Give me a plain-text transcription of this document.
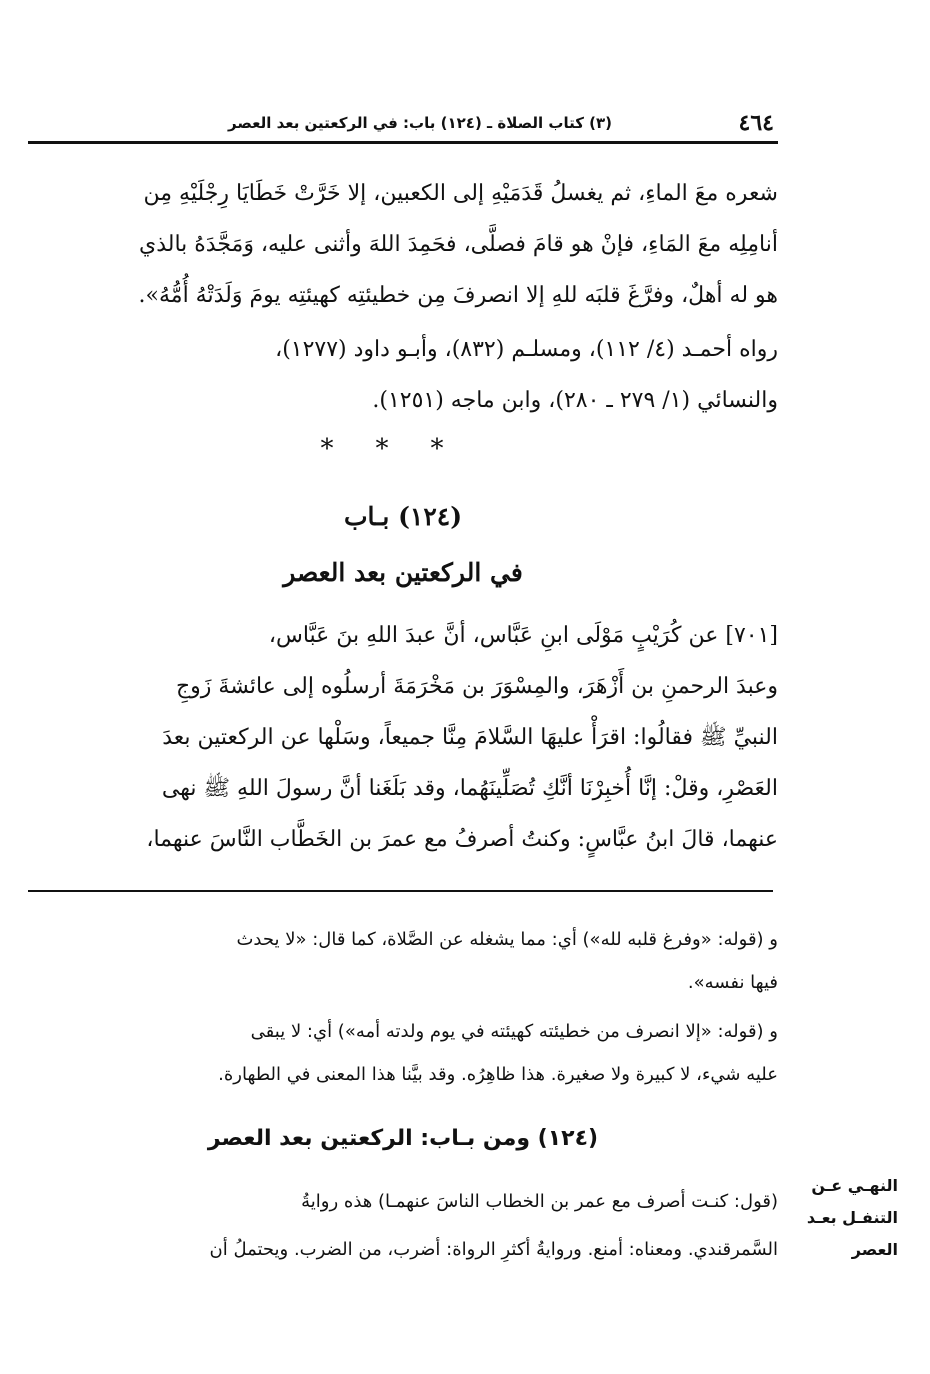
٤٦٤
(٣) كتاب الصلاة ـ (١٢٤) باب: في الركعتين بعد العصر
شعره معَ الماءِ، ثم يغسلُ قَدَمَيْهِ إلى الكعبين، إلا خَرَّتْ خَطَايَا رِجْلَيْهِ مِن
أنامِلِه معَ المَاءِ، فإنْ هو قامَ فصلَّى، فحَمِدَ اللهَ وأثنى عليه، وَمَجَّدَهُ بالذي
هو له أهلٌ، وفرَّغَ قلبَه للهِ إلا انصرفَ مِن خطيئتِه كهيئتِه يومَ وَلَدَتْهُ أُمُّهُ».
رواه أحمـد (٤/ ١١٢)، ومسلـم (٨٣٢)، وأبـو داود (١٢٧٧)،
والنسائي (١/ ٢٧٩ ـ ٢٨٠)، وابن ماجه (١٢٥١).
***
(١٢٤) بـاب
في الركعتين بعد العصر
[٧٠١] عن كُرَيْبٍ مَوْلَى ابنِ عَبَّاس، أنَّ عبدَ اللهِ بنَ عَبَّاس،
وعبدَ الرحمنِ بن أَزْهَرَ، والمِسْوَرَ بن مَخْرَمَةَ أرسلُوه إلى عائشةَ زَوجِ
النبيِّ ﷺ فقالُوا: اقرَأْ عليهَا السَّلامَ مِنَّا جميعاً، وسَلْها عن الركعتين بعدَ
العَصْرِ، وقلْ: إنَّا أُخبِرْنَا أنَّكِ تُصَلِّينَهُما، وقد بَلَغَنا أنَّ رسولَ اللهِ ﷺ نهى
عنهما، قالَ ابنُ عبَّاسٍ: وكنتُ أصرفُ مع عمرَ بن الخَطَّاب النَّاسَ عنهما،
و (قوله: «وفرغ قلبه لله») أي: مما يشغله عن الصَّلاة، كما قال: «لا يحدث
فيها نفسه».
و (قوله: «إلا انصرف من خطيئته كهيئته في يوم ولدته أمه») أي: لا يبقى
عليه شيء، لا كبيرة ولا صغيرة. هذا ظاهِرُه. وقد بيَّنا هذا المعنى في الطهارة.
(١٢٤) ومن بـاب: الركعتين بعد العصر
(قول: كنـت أصرف مع عمر بن الخطاب الناسَ عنهمـا) هذه روايةُ
السَّمرقندي. ومعناه: أمنع. وروايةُ أكثرِ الرواة: أضرب، من الضرب. ويحتملُ أن
النهـي عـن
التنفـل بعـد
العصر
